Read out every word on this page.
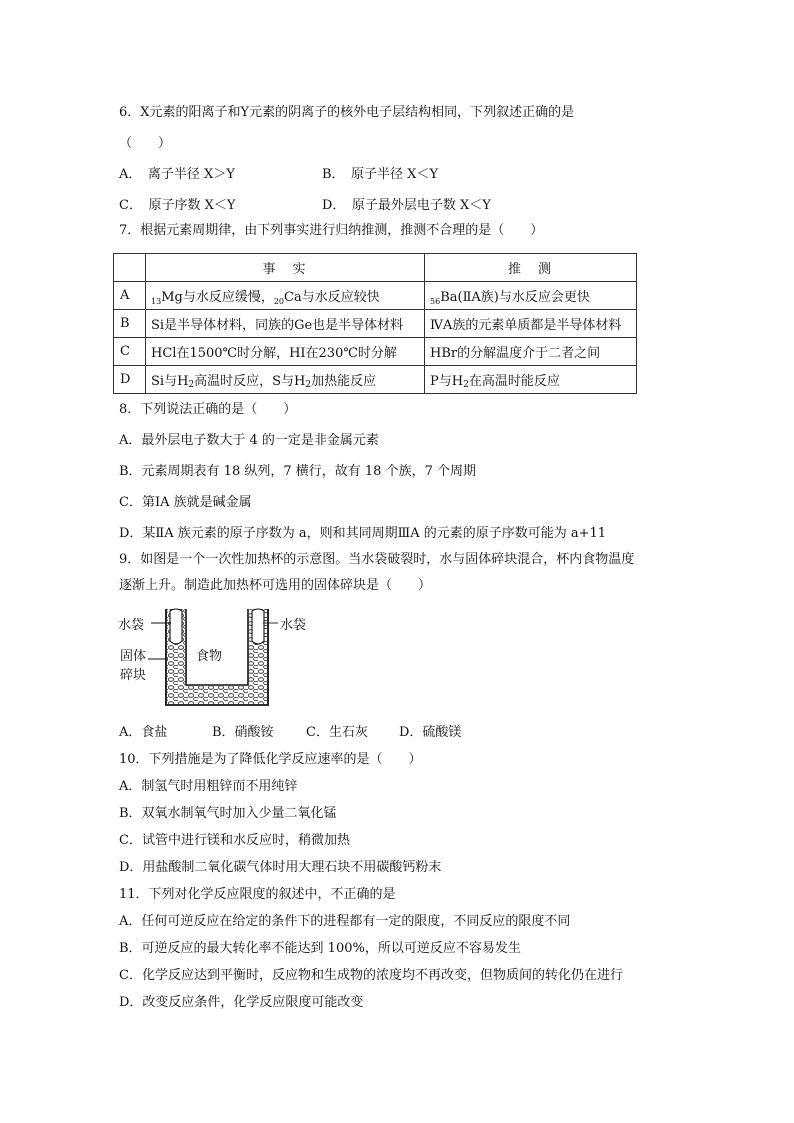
6．X元素的阳离子和Y元素的阴离子的核外电子层结构相同，下列叙述正确的是
（　　）
A．　离子半径 X＞Y	B．　原子半径 X＜Y
C．　原子序数 X＜Y	D．　原子最外层电子数 X＜Y
7．根据元素周期律，由下列事实进行归纳推测，推测不合理的是（　　）
	事　实	推　测
A	$_{13}$Mg与水反应缓慢，$_{20}$Ca与水反应较快	$_{56}$Ba(ⅡA族)与水反应会更快
B	Si是半导体材料，同族的Ge也是半导体材料	ⅣA族的元素单质都是半导体材料
C	HCl在1500℃时分解，HI在230℃时分解	HBr的分解温度介于二者之间
D	Si与$H_2$高温时反应，S与$H_2$加热能反应	P与$H_2$在高温时能反应
8．下列说法正确的是（　　）
A．最外层电子数大于 4 的一定是非金属元素
B．元素周期表有 18 纵列，7 横行，故有 18 个族，7 个周期
C．第ⅠA 族就是碱金属
D．某ⅡA 族元素的原子序数为 a，则和其同周期ⅢA 的元素的原子序数可能为 a+11
9．如图是一个一次性加热杯的示意图。当水袋破裂时，水与固体碎块混合，杯内食物温度
逐渐上升。制造此加热杯可选用的固体碎块是（　　）
水袋	水袋
固体
碎块
食物
A．食盐	B．硝酸铵 C．生石灰 D．硫酸镁
10．下列措施是为了降低化学反应速率的是（　　）
A．制氢气时用粗锌而不用纯锌
B．双氧水制氧气时加入少量二氧化锰
C．试管中进行镁和水反应时，稍微加热
D．用盐酸制二氧化碳气体时用大理石块不用碳酸钙粉末
11．下列对化学反应限度的叙述中，不正确的是
A．任何可逆反应在给定的条件下的进程都有一定的限度，不同反应的限度不同
B．可逆反应的最大转化率不能达到 100%，所以可逆反应不容易发生
C．化学反应达到平衡时，反应物和生成物的浓度均不再改变，但物质间的转化仍在进行
D．改变反应条件，化学反应限度可能改变
